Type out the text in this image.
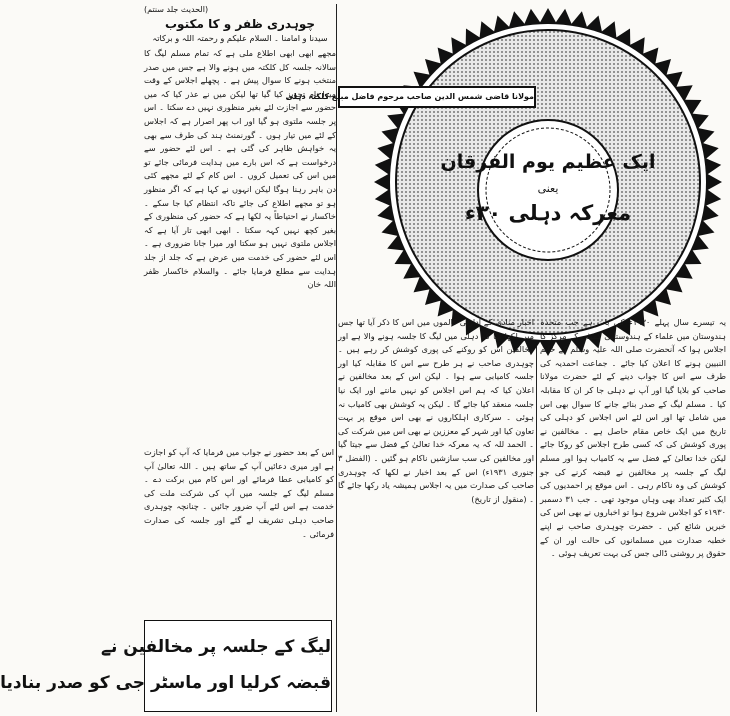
(الحدیث جلد سنتم)
چوہدری ظفر و کا مکتوب
سیدنا و امامنا ۔ السلام علیکم و رحمتہ اللہ و برکاتہ

مجھے ابھی ابھی اطلاع ملی ہے کہ تمام مسلم لیگ کا سالانہ جلسہ کل کلکتہ میں ہونے والا ہے جس میں صدر منتخب ہونے کا سوال پیش ہے ۔ پچھلے اجلاس کے وقت میرا نام تجویز کیا گیا تھا لیکن میں نے عذر کیا کہ میں حضور سے اجازت لئے بغیر منظوری نہیں دے سکتا ۔ اس پر جلسہ ملتوی ہو گیا اور اب پھر اصرار ہے کہ اجلاس کے لئے میں تیار ہوں ۔ گورنمنٹ ہند کی طرف سے بھی یہ خواہش ظاہر کی گئی ہے ۔ اس لئے حضور سے درخواست ہے کہ اس بارے میں ہدایت فرمائی جائے تو میں اس کی تعمیل کروں ۔ اس کام کے لئے مجھے کئی دن باہر رہنا ہوگا لیکن انہوں نے کہا ہے کہ اگر منظور ہو تو مجھے اطلاع کی جائے تاکہ انتظام کیا جا سکے ۔ خاکسار نے احتیاطاً یہ لکھا ہے کہ حضور کی منظوری کے بغیر کچھ نہیں کہہ سکتا ۔ ابھی ابھی تار آیا ہے کہ اجلاس ملتوی نہیں ہو سکتا اور میرا جانا ضروری ہے ۔ اس لئے حضور کی خدمت میں عرض ہے کہ جلد از جلد ہدایت سے مطلع فرمایا جائے ۔ والسلام خاکسار ظفر اللہ خان

ایک عظیم یوم الفرقان
یعنی
معرکہ دہلی ۳۰ء
مولانا قاضی شمس الدین صاحب مرحوم فاضل مبلغ کلکتہ دہلی

یہ تیسرے سال پہلے ۱۹۳۰ء کی بات ہے جب متحدہ ہندوستان میں علماء کے ہندوستانی کمیٹی کے مرکز کا اجلاس ہوا کہ آنحضرت صلی اللہ علیہ وسلم کے خاتم النبیین ہونے کا اعلان کیا جائے ۔ جماعت احمدیہ کی طرف سے اس کا جواب دینے کے لئے حضرت مولانا صاحب کو بلایا گیا اور آپ نے دہلی جا کر ان کا مقابلہ کیا ۔ مسلم لیگ کے صدر بنائے جانے کا سوال بھی اس میں شامل تھا اور اس لئے اس اجلاس کو دہلی کی تاریخ میں ایک خاص مقام حاصل ہے ۔ مخالفین نے پوری کوشش کی کہ کسی طرح اجلاس کو روکا جائے لیکن خدا تعالیٰ کے فضل سے یہ کامیاب ہوا اور مسلم لیگ کے جلسہ پر مخالفین نے قبضہ کرنے کی جو کوشش کی وہ ناکام رہی ۔ اس موقع پر احمدیوں کی ایک کثیر تعداد بھی وہاں موجود تھی ۔ جب ۳۱ دسمبر ۱۹۳۰ء کو اجلاس شروع ہوا تو اخباروں نے بھی اس کی خبریں شائع کیں ۔ حضرت چوہدری صاحب نے اپنے خطبہ صدارت میں مسلمانوں کی حالت اور ان کے حقوق پر روشنی ڈالی جس کی بہت تعریف ہوئی ۔

اخبار منادی کے ادارتی کالموں میں اس کا ذکر آیا تھا جس میں لکھا تھا کہ دہلی میں لیگ کا جلسہ ہونے والا ہے اور مخالفین اس کو روکنے کی پوری کوشش کر رہے ہیں ۔ چوہدری صاحب نے ہر طرح سے اس کا مقابلہ کیا اور جلسہ کامیابی سے ہوا ۔ لیکن اس کے بعد مخالفین نے اعلان کیا کہ ہم اس اجلاس کو نہیں مانتے اور ایک نیا جلسہ منعقد کیا جائے گا ۔ لیکن یہ کوشش بھی کامیاب نہ ہوئی ۔ سرکاری اہلکاروں نے بھی اس موقع پر بہت تعاون کیا اور شہر کے معززین نے بھی اس میں شرکت کی ۔ الحمد للہ کہ یہ معرکہ خدا تعالیٰ کے فضل سے جیتا گیا اور مخالفین کی سب سازشیں ناکام ہو گئیں ۔ (الفضل ۳ جنوری ۱۹۳۱ء) اس کے بعد اخبار نے لکھا کہ چوہدری صاحب کی صدارت میں یہ اجلاس ہمیشہ یاد رکھا جائے گا ۔ (منقول از تاریخ)

اس کے بعد حضور نے جواب میں فرمایا کہ آپ کو اجازت ہے اور میری دعائیں آپ کے ساتھ ہیں ۔ اللہ تعالیٰ آپ کو کامیابی عطا فرمائے اور اس کام میں برکت دے ۔ مسلم لیگ کے جلسہ میں آپ کی شرکت ملت کی خدمت ہے اس لئے آپ ضرور جائیں ۔ چنانچہ چوہدری صاحب دہلی تشریف لے گئے اور جلسہ کی صدارت فرمائی ۔

لیگ کے جلسہ پر مخالفین نے
قبضہ کرلیا اور ماسٹر جی کو صدر بنادیا
